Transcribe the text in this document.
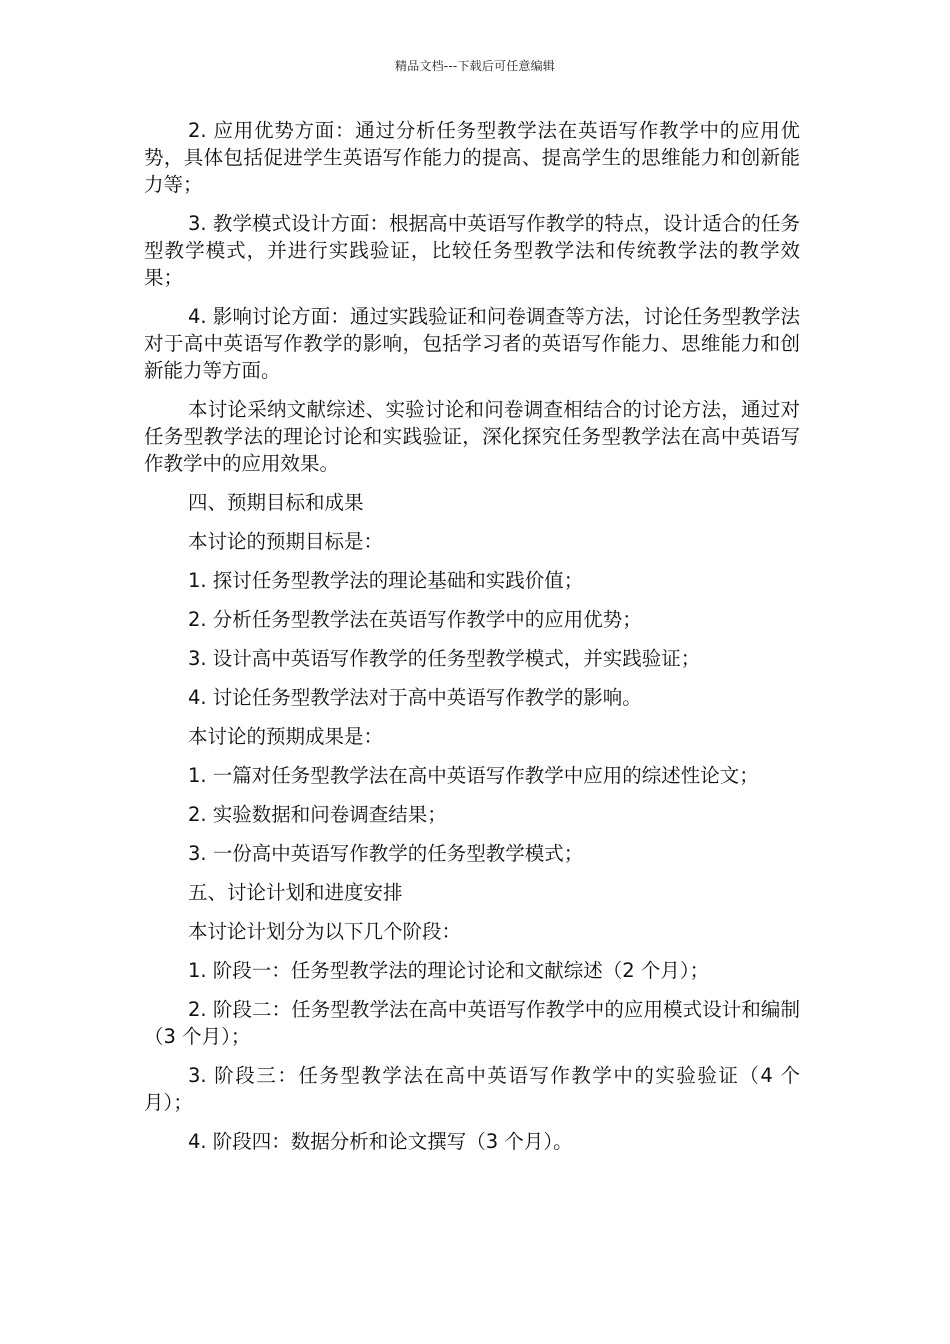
精品文档---下载后可任意编辑

2. 应用优势方面：通过分析任务型教学法在英语写作教学中的应用优势，具体包括促进学生英语写作能力的提高、提高学生的思维能力和创新能力等；

3. 教学模式设计方面：根据高中英语写作教学的特点，设计适合的任务型教学模式，并进行实践验证，比较任务型教学法和传统教学法的教学效果；

4. 影响讨论方面：通过实践验证和问卷调查等方法，讨论任务型教学法对于高中英语写作教学的影响，包括学习者的英语写作能力、思维能力和创新能力等方面。

本讨论采纳文献综述、实验讨论和问卷调查相结合的讨论方法，通过对任务型教学法的理论讨论和实践验证，深化探究任务型教学法在高中英语写作教学中的应用效果。

四、预期目标和成果

本讨论的预期目标是：

1. 探讨任务型教学法的理论基础和实践价值；

2. 分析任务型教学法在英语写作教学中的应用优势；

3. 设计高中英语写作教学的任务型教学模式，并实践验证；

4. 讨论任务型教学法对于高中英语写作教学的影响。

本讨论的预期成果是：

1. 一篇对任务型教学法在高中英语写作教学中应用的综述性论文；

2. 实验数据和问卷调查结果；

3. 一份高中英语写作教学的任务型教学模式；

五、讨论计划和进度安排

本讨论计划分为以下几个阶段：

1. 阶段一：任务型教学法的理论讨论和文献综述（2 个月）；

2. 阶段二：任务型教学法在高中英语写作教学中的应用模式设计和编制（3 个月）；

3. 阶段三：任务型教学法在高中英语写作教学中的实验验证（4 个月）；

4. 阶段四：数据分析和论文撰写（3 个月）。
